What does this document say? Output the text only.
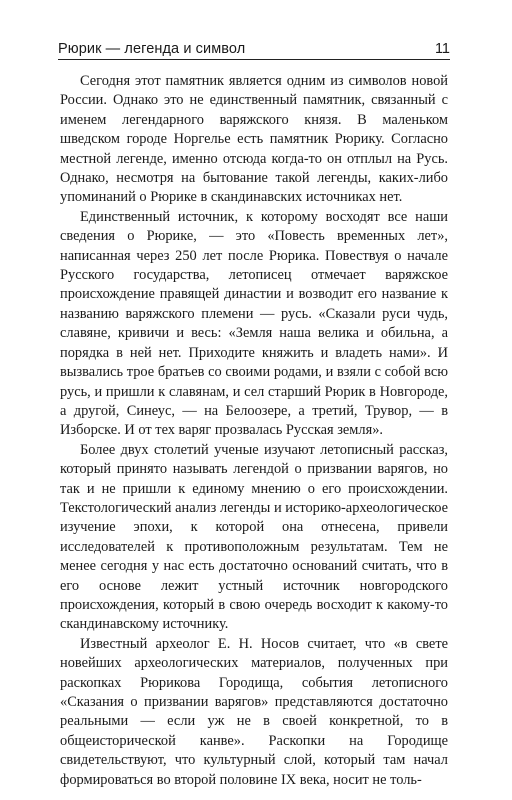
Рюрик — легенда и символ	11

Сегодня этот памятник является одним из символов новой России. Однако это не единственный памятник, связанный с именем легендарного варяжского князя. В маленьком шведском городе Норгелье есть памятник Рюрику. Согласно местной легенде, именно отсюда когда-то он отплыл на Русь. Однако, несмотря на бытование такой легенды, каких-либо упоминаний о Рюрике в скандинавских источниках нет.

Единственный источник, к которому восходят все наши сведения о Рюрике, — это «Повесть временных лет», написанная через 250 лет после Рюрика. Повествуя о начале Русского государства, летописец отмечает варяжское происхождение правящей династии и возводит его название к названию варяжского племени — русь. «Сказали руси чудь, славяне, кривичи и весь: «Земля наша велика и обильна, а порядка в ней нет. Приходите княжить и владеть нами». И вызвались трое братьев со своими родами, и взяли с собой всю русь, и пришли к славянам, и сел старший Рюрик в Новгороде, а другой, Синеус, — на Белоозере, а третий, Трувор, — в Изборске. И от тех варяг прозвалась Русская земля».

Более двух столетий ученые изучают летописный рассказ, который принято называть легендой о призвании варягов, но так и не пришли к единому мнению о его происхождении. Текстологический анализ легенды и историко-археологическое изучение эпохи, к которой она отнесена, привели исследователей к противоположным результатам. Тем не менее сегодня у нас есть достаточно оснований считать, что в его основе лежит устный источник новгородского происхождения, который в свою очередь восходит к какому-то скандинавскому источнику.

Известный археолог Е. Н. Носов считает, что «в свете новейших археологических материалов, полученных при раскопках Рюрикова Городища, события летописного «Сказания о призвании варягов» представляются достаточно реальными — если уж не в своей конкретной, то в общеисторической канве». Раскопки на Городище свидетельствуют, что культурный слой, который там начал формироваться во второй половине IX века, носит не толь-
